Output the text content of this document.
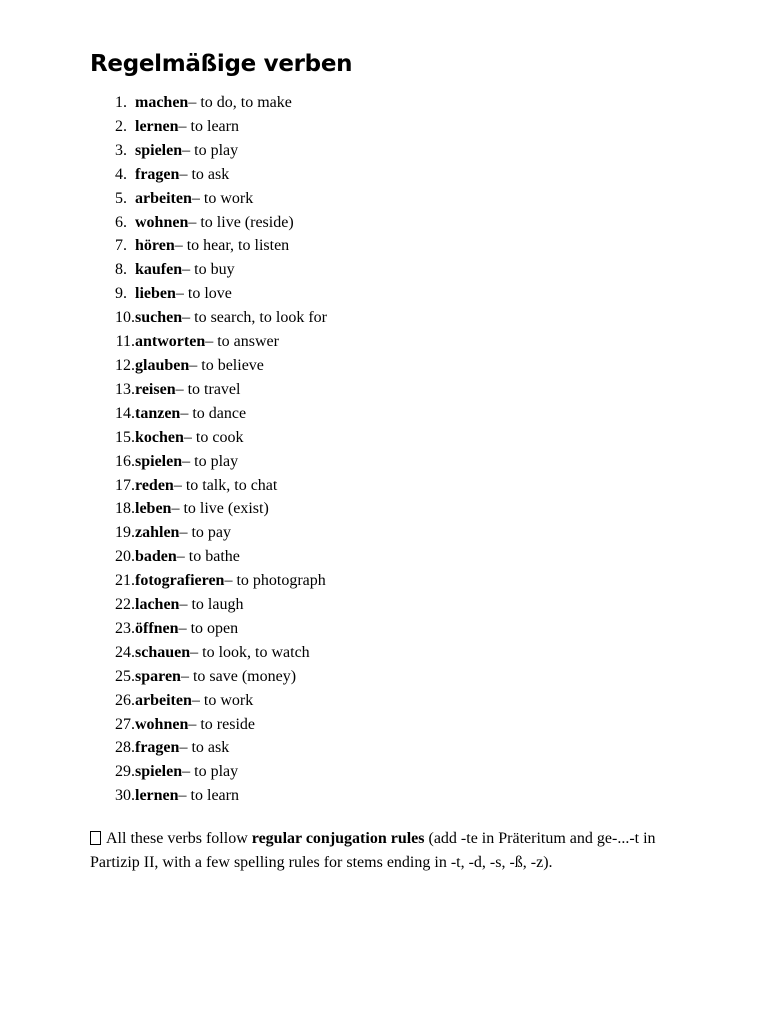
Regelmäßige verben
1. machen – to do, to make
2. lernen – to learn
3. spielen – to play
4. fragen – to ask
5. arbeiten – to work
6. wohnen – to live (reside)
7. hören – to hear, to listen
8. kaufen – to buy
9. lieben – to love
10. suchen – to search, to look for
11. antworten – to answer
12. glauben – to believe
13. reisen – to travel
14. tanzen – to dance
15. kochen – to cook
16. spielen – to play
17. reden – to talk, to chat
18. leben – to live (exist)
19. zahlen – to pay
20. baden – to bathe
21. fotografieren – to photograph
22. lachen – to laugh
23. öffnen – to open
24. schauen – to look, to watch
25. sparen – to save (money)
26. arbeiten – to work
27. wohnen – to reside
28. fragen – to ask
29. spielen – to play
30. lernen – to learn

All these verbs follow regular conjugation rules (add -te in Präteritum and ge-...-t in Partizip II, with a few spelling rules for stems ending in -t, -d, -s, -ß, -z).
